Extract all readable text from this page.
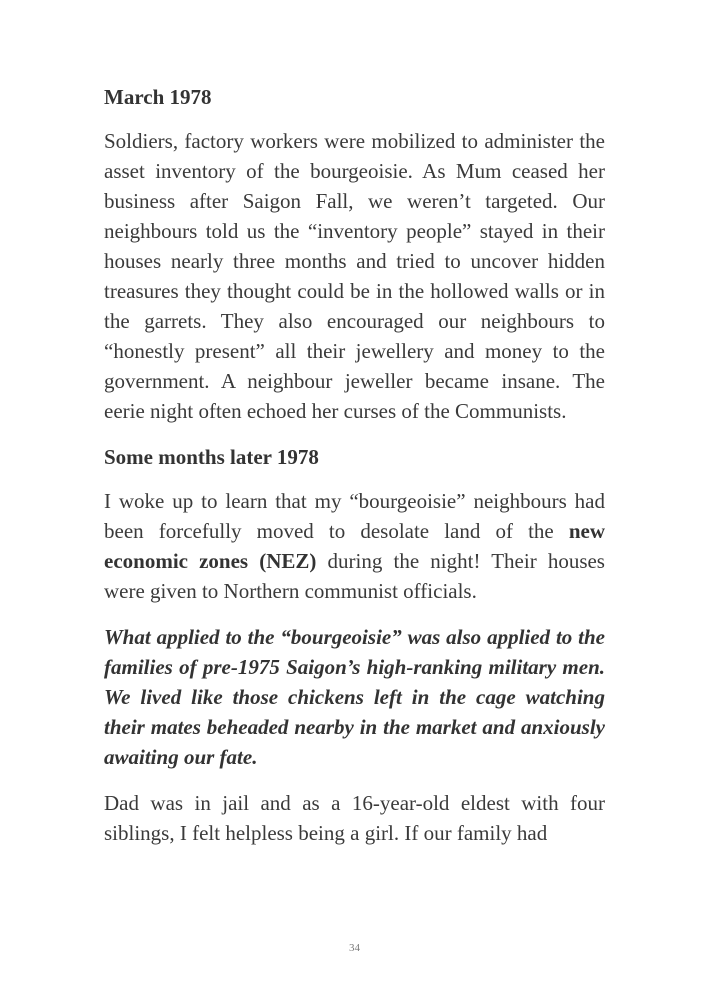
March 1978

Soldiers, factory workers were mobilized to administer the asset inventory of the bourgeoisie. As Mum ceased her business after Saigon Fall, we weren’t targeted. Our neighbours told us the “inventory people” stayed in their houses nearly three months and tried to uncover hidden treasures they thought could be in the hollowed walls or in the garrets. They also encouraged our neighbours to “honestly present” all their jewellery and money to the government. A neighbour jeweller became insane. The eerie night often echoed her curses of the Communists.

Some months later 1978

I woke up to learn that my “bourgeoisie” neighbours had been forcefully moved to desolate land of the new economic zones (NEZ) during the night! Their houses were given to Northern communist officials.

What applied to the “bourgeoisie” was also applied to the families of pre-1975 Saigon’s high-ranking military men. We lived like those chickens left in the cage watching their mates beheaded nearby in the market and anxiously awaiting our fate.

Dad was in jail and as a 16-year-old eldest with four siblings, I felt helpless being a girl. If our family had

34
